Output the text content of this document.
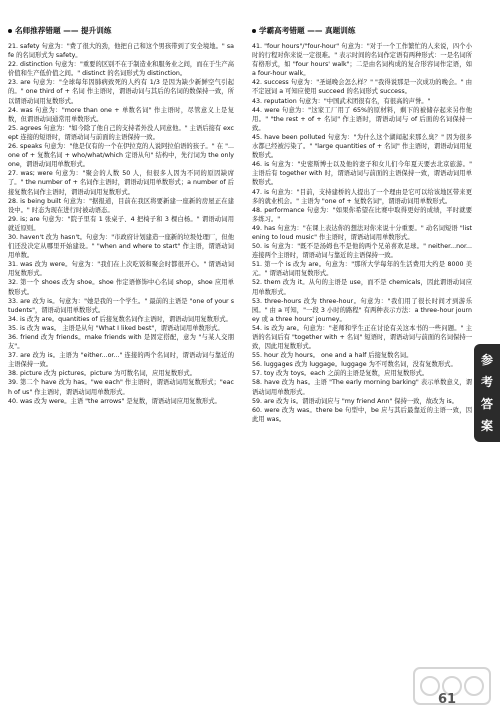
名师推荐错题 —— 提升训练

21. safety 句意为："费了很大的劲，他把自己和这个男孩带到了安全境地。" safe 的名词形式为 safety。

22. distinction 句意为："重要的区别不在于制造业和服务业之间，而在于生产高价值和生产低价值之间。" distinct 的名词形式为 distinction。

23. are 句意为："全球每年因肺病致死的人约有 1/3 是因为缺少新鲜空气引起的。" one third of + 名词 作主语时，谓语动词与其后的名词的数保持一致，所以谓语动词用复数形式。

24. was 句意为："more than one + 单数名词" 作主语时，尽管意义上是复数，但谓语动词通常用单数形式。

25. agrees 句意为："如今除了他自己的支持者外没人同意他。" 主语后接有 except 连接的短语时，谓语动词与前面的主语保持一致。

26. speaks 句意为："他是仅有的一个在伊拉克的人说阿拉伯语的孩子。" 在 "...one of + 复数名词 + who/what/which 定语从句" 结构中，先行词为 the only one，谓语动词用单数形式。

27. was; were 句意为："聚会的人数 50 人，但很多人因为不同的原因缺席了。" the number of + 名词作主语时，谓语动词用单数形式；a number of 后接复数名词作主语时，谓语动词用复数形式。

28. is being built 句意为："据报道，目前在我区将要新建一座新的房屋正在建设中。" 时态为现在进行时被动语态。

29. is; are 句意为："院子里有 1 张桌子、4 把椅子和 3 棵白杨。" 谓语动词用就近原则。

30. haven't 改为 hasn't。句意为："市政府计划建造一座新的垃圾处理厂，但他们还没决定从哪里开始建设。" "when and where to start" 作主语，谓语动词用单数。

31. was 改为 were。句意为："我们在上次吃饭和聚会时都很开心。" 谓语动词用复数形式。

32. 第一个 shoes 改为 shoe。shoe 作定语修饰中心名词 shop，shoe 应用单数形式。

33. are 改为 is。句意为："她是我的一个学生。" 最前的主语是 "one of your students"，谓语动词用单数形式。

34. is 改为 are。quantities of 后接复数名词作主语时，谓语动词用复数形式。

35. is 改为 was。 主语是从句 "What I liked best"，谓语动词用单数形式。

36. friend 改为 friends。make friends with 是固定搭配，意为 "与某人交朋友"。

37. are 改为 is。主语为 "either...or..." 连接的两个名词时，谓语动词与靠近的主语保持一致。

38. picture 改为 pictures。picture 为可数名词，应用复数形式。

39. 第二个 have 改为 has。"we each" 作主语时，谓语动词用复数形式；"each of us" 作主语时，谓语动词用单数形式。

40. was 改为 were。主语 "the arrows" 是复数，谓语动词应用复数形式。

学霸高考错题 —— 真题训练

41. "four hours"/"four-hour" 句意为："对于一个工作繁忙的人来说，四个小时的行程对你来说一定很难。" 表示时间的名词作定语有两种形式：一是名词所有格形式，如 "four hours' walk"；二是由名词构成的复合形容词作定语，如 a four-hour walk。

42. success 句意为："圣诞晚会怎么样？" "我得说那是一次成功的晚会。" 由不定冠词 a 可知应使用 succeed 的名词形式 success。

43. reputation 句意为："中国武术团很有名，有很高的声誉。"

44. were 句意为："这家工厂用了 65%的原材料，剩下的被储存起来另作他用。" "the rest + of + 名词" 作主语时，谓语动词与 of 后面的名词保持一致。

45. have been polluted 句意为："为什么这个湖闻起来那么臭？" 因为很多水都已经被污染了。" "large quantities of + 名词" 作主语时，谓语动词用复数形式。

46. is 句意为："史密斯博士以及他的妻子和女儿们今年夏天要去北京旅游。" 主语后有 together with 时，谓语动词与前面的主语保持一致，谓语动词用单数形式。

47. is 句意为："目前，支持建桥的人提出了一个理由是它可以给该地区带来更多的就业机会。" 主语为 "one of + 复数名词"，谓语动词用单数形式。

48. performance 句意为："如果你希望在比赛中取得更好的成绩，平时就要多练习。"

49. has 句意为："在课上表达你的想法对你来说十分重要。" 动名词短语 "listening to loud music" 作主语时，谓语动词用单数形式。

50. is 句意为："既不是汤姆也不是他的两个兄弟喜欢足球。" neither...nor... 连接两个主语时，谓语动词与靠近的主语保持一致。

51. 第一个 is 改为 are。句意为："那所大学每年的生活费用大约是 8000 美元。" 谓语动词用复数形式。

52. them 改为 it。从句的主语是 use，而不是 chemicals，因此谓语动词应用单数形式。

53. three-hours 改为 three-hour。句意为："我们用了很长时间才到游乐园。" 由 a 可知，"一段 3 小时的路程" 有两种表示方法：a three-hour journey 或 a three hours' journey。

54. is 改为 are。句意为："老师和学生正在讨论有关这本书的一些问题。" 主语的名词后有 "together with + 名词" 短语时，谓语动词与前面的名词保持一致，因此用复数形式。

55. hour 改为 hours。 one and a half 后接复数名词。

56. luggages 改为 luggage。luggage 为不可数名词，没有复数形式。

57. toy 改为 toys。each 之前的主语是复数，应用复数形式。

58. have 改为 has。主语 "The early morning barking" 表示单数意义，谓语动词用单数形式。

59. are 改为 is。谓语动词应与 "my friend Ann" 保持一致，故改为 is。

60. were 改为 was。there be 句型中，be 应与其后最靠近的主语一致，因此用 was。

参
考
答
案
61
